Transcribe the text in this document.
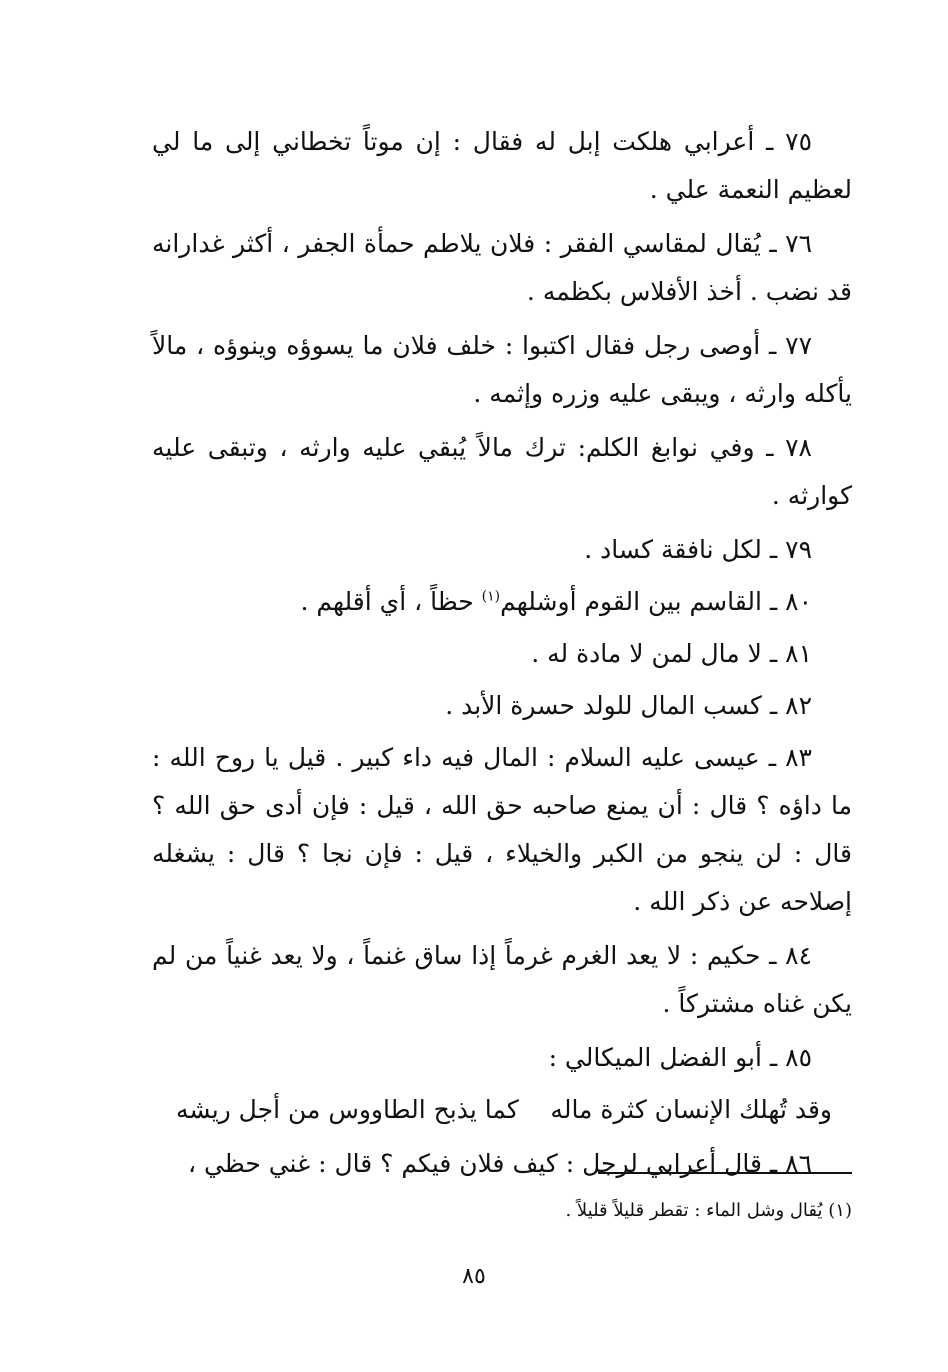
٧٥ ـ أعرابي هلكت إبل له فقال : إن موتاً تخطاني إلى ما لي لعظيم النعمة علي .

٧٦ ـ يُقال لمقاسي الفقر : فلان يلاطم حمأة الجفر ، أكثر غدارانه قد نضب . أخذ الأفلاس بكظمه .

٧٧ ـ أوصى رجل فقال اكتبوا : خلف فلان ما يسوؤه وينوؤه ، مالاً يأكله وارثه ، ويبقى عليه وزره وإثمه .

٧٨ ـ وفي نوابغ الكلم: ترك مالاً يُبقي عليه وارثه ، وتبقى عليه كوارثه .

٧٩ ـ لكل نافقة كساد .

٨٠ ـ القاسم بين القوم أوشلهم$^{(١)}$ حظاً ، أي أقلهم .

٨١ ـ لا مال لمن لا مادة له .

٨٢ ـ كسب المال للولد حسرة الأبد .

٨٣ ـ عيسى عليه السلام : المال فيه داء كبير . قيل يا روح الله : ما داؤه ؟ قال : أن يمنع صاحبه حق الله ، قيل : فإن أدى حق الله ؟ قال : لن ينجو من الكبر والخيلاء ، قيل : فإن نجا ؟ قال : يشغله إصلاحه عن ذكر الله .

٨٤ ـ حكيم : لا يعد الغرم غرماً إذا ساق غنماً ، ولا يعد غنياً من لم يكن غناه مشتركاً .

٨٥ ـ أبو الفضل الميكالي :

وقد تُهلك الإنسان كثرة ماله
كما يذبح الطاووس من أجل ريشه

٨٦ ـ قال أعرابي لرجل : كيف فلان فيكم ؟ قال : غني حظي ،

(١) يُقال وشل الماء : تقطر قليلاً قليلاً .
٨٥
